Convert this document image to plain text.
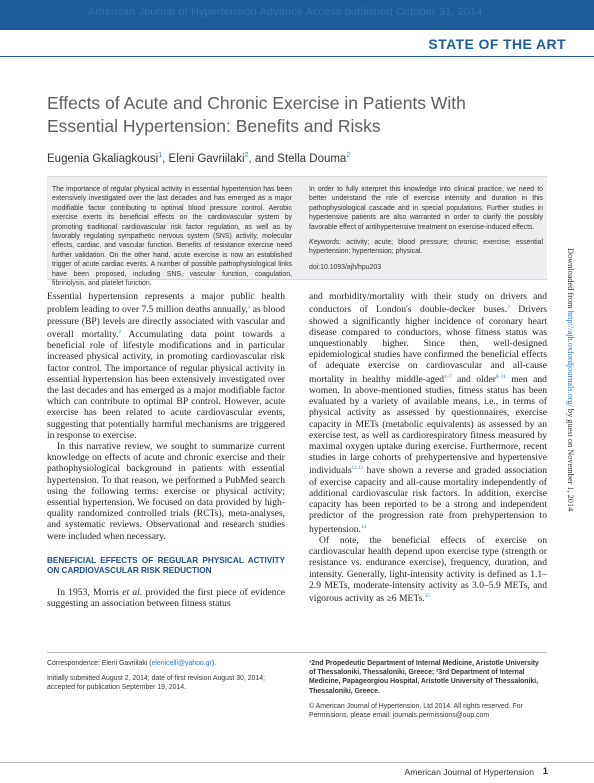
American Journal of Hypertension Advance Access published October 31, 2014
STATE OF THE ART
Effects of Acute and Chronic Exercise in Patients With Essential Hypertension: Benefits and Risks
Eugenia Gkaliagkousi$^1$, Eleni Gavriilaki$^2$, and Stella Douma$^2$

The importance of regular physical activity in essential hypertension has been extensively investigated over the last decades and has emerged as a major modifiable factor contributing to optimal blood pressure control. Aerobic exercise exerts its beneficial effects on the cardiovascular system by promoting traditional cardiovascular risk factor regulation, as well as by favorably regulating sympathetic nervous system (SNS) activity, molecular effects, cardiac, and vascular function. Benefits of resistance exercise need further validation. On the other hand, acute exercise is now an established trigger of acute cardiac events. A number of possible pathophysiological links have been proposed, including SNS, vascular function, coagulation, fibrinolysis, and platelet function.

In order to fully interpret this knowledge into clinical practice, we need to better understand the role of exercise intensity and duration in this pathophysiological cascade and in special populations. Further studies in hypertensive patients are also warranted in order to clarify the possibly favorable effect of antihypertensive treatment on exercise-induced effects.

Keywords: activity; acute; blood pressure; chronic; exercise; essential hypertension; hypertension; physical.

doi:10.1093/ajh/hpu203

Essential hypertension represents a major public health problem leading to over 7.5 million deaths annually,$^1$ as blood pressure (BP) levels are directly associated with vascular and overall mortality.$^2$ Accumulating data point towards a beneficial role of lifestyle modifications and in particular increased physical activity, in promoting cardiovascular risk factor control. The importance of regular physical activity in essential hypertension has been extensively investigated over the last decades and has emerged as a major modifiable factor which can contribute to optimal BP control. However, acute exercise has been related to acute cardiovascular events, suggesting that potentially harmful mechanisms are triggered in response to exercise.

In this narrative review, we sought to summarize current knowledge on effects of acute and chronic exercise and their pathophysiological background in patients with essential hypertension. To that reason, we performed a PubMed search using the following terms: exercise or physical activity; essential hypertension. We focused on data provided by high-quality randomized controlled trials (RCTs), meta-analyses, and systematic reviews. Observational and research studies were included when necessary.

BENEFICIAL EFFECTS OF REGULAR PHYSICAL ACTIVITY ON CARDIOVASCULAR RISK REDUCTION

In 1953, Morris et al. provided the first piece of evidence suggesting an association between fitness status

and morbidity/mortality with their study on drivers and conductors of London's double-decker buses.$^3$ Drivers showed a significantly higher incidence of coronary heart disease compared to conductors, whose fitness status was unquestionably higher. Since then, well-designed epidemiological studies have confirmed the beneficial effects of adequate exercise on cardiovascular and all-cause mortality in healthy middle-aged$^{4-7}$ and older$^{8-11}$ men and women. In above-mentioned studies, fitness status has been evaluated by a variety of available means, i.e., in terms of physical activity as assessed by questionnaires, exercise capacity in METs (metabolic equivalents) as assessed by an exercise test, as well as cardiorespiratory fitness measured by maximal oxygen uptake during exercise. Furthermore, recent studies in large cohorts of prehypertensive and hypertensive individuals$^{12,13}$ have shown a reverse and graded association of exercise capacity and all-cause mortality independently of additional cardiovascular risk factors. In addition, exercise capacity has been reported to be a strong and independent predictor of the progression rate from prehypertension to hypertension.$^{14}$

Of note, the beneficial effects of exercise on cardiovascular health depend upon exercise type (strength or resistance vs. endurance exercise), frequency, duration, and intensity. Generally, light-intensity activity is defined as 1.1–2.9 METs, moderate-intensity activity as 3.0–5.9 METs, and vigorous activity as ≥6 METs.$^{15}$

Correspondence: Eleni Gavriilaki (elenicelli@yahoo.gr).

Initially submitted August 2, 2014; date of first revision August 30, 2014; accepted for publication September 19, 2014.

¹2nd Propedeutic Department of Internal Medicine, Aristotle University of Thessaloniki, Thessaloniki, Greece; ²3rd Department of Internal Medicine, Papageorgiou Hospital, Aristotle University of Thessaloniki, Thessaloniki, Greece.

© American Journal of Hypertension, Ltd 2014. All rights reserved. For Permissions, please email: journals.permissions@oup.com

Downloaded from http://ajh.oxfordjournals.org/ by guest on November 1, 2014
American Journal of Hypertension 1
